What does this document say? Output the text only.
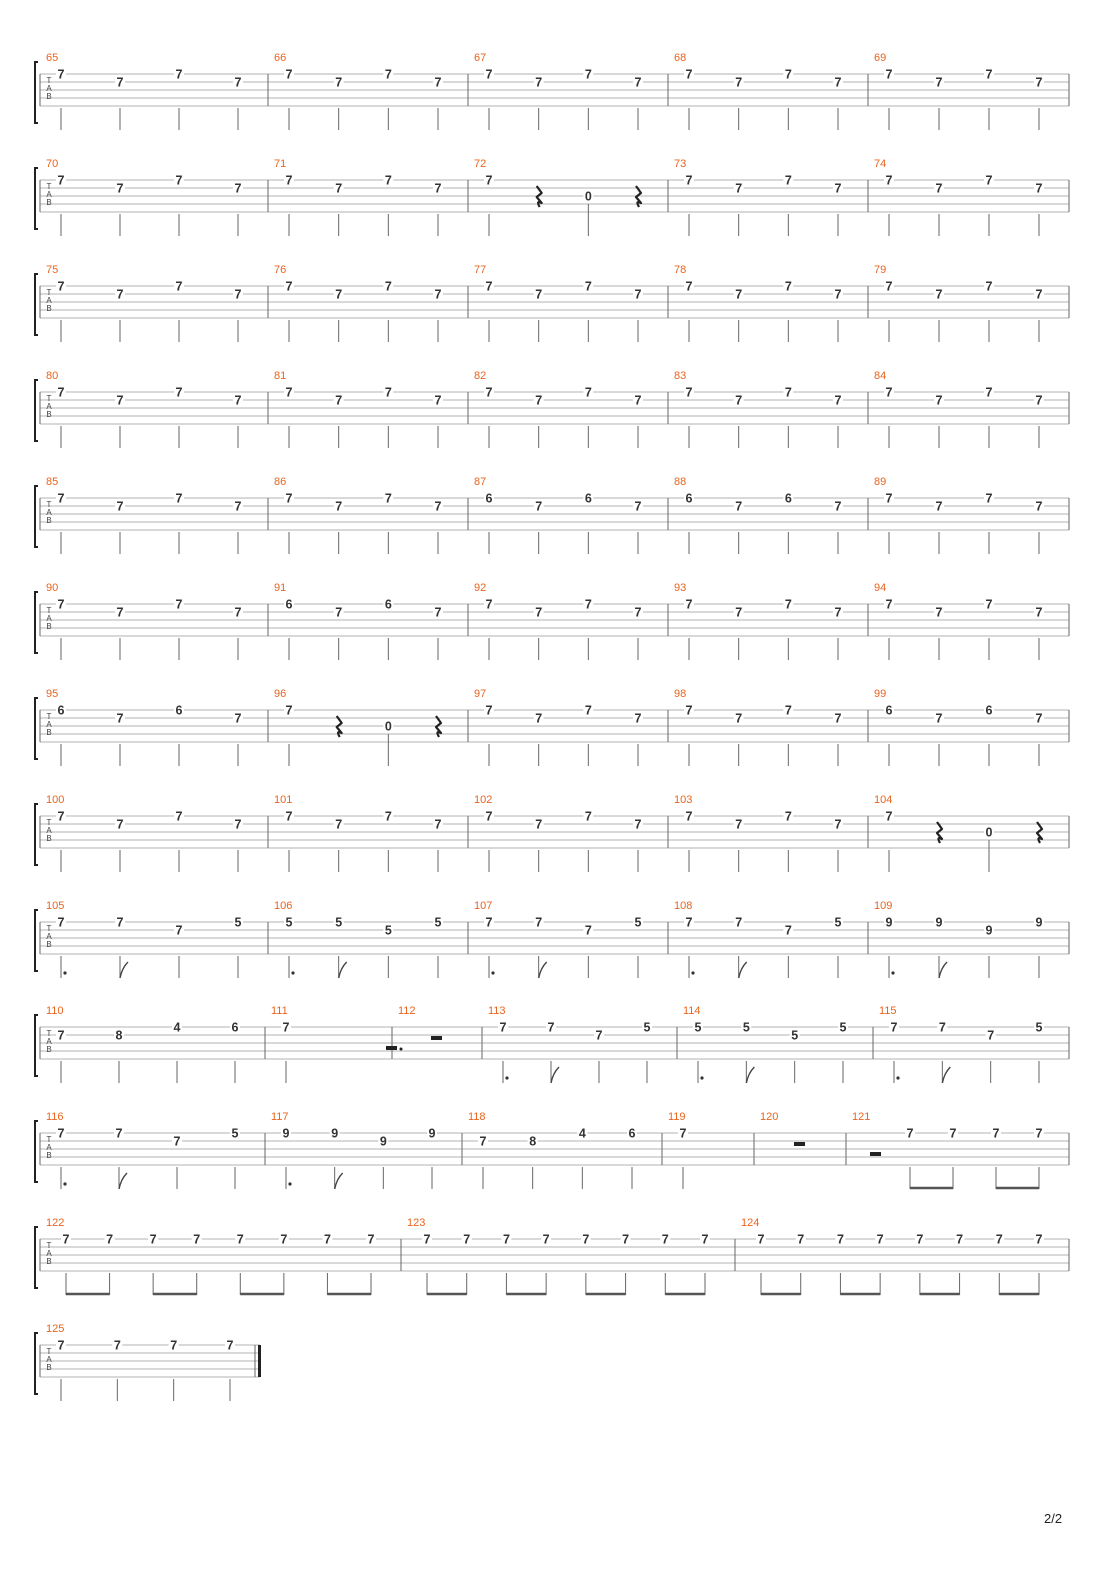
T
A
B
65
7
7
7
7
66
7
7
7
7
67
7
7
7
7
68
7
7
7
7
69
7
7
7
7
T
A
B
70
7
7
7
7
71
7
7
7
7
72
7
0
73
7
7
7
7
74
7
7
7
7
T
A
B
75
7
7
7
7
76
7
7
7
7
77
7
7
7
7
78
7
7
7
7
79
7
7
7
7
T
A
B
80
7
7
7
7
81
7
7
7
7
82
7
7
7
7
83
7
7
7
7
84
7
7
7
7
T
A
B
85
7
7
7
7
86
7
7
7
7
87
6
7
6
7
88
6
7
6
7
89
7
7
7
7
T
A
B
90
7
7
7
7
91
6
7
6
7
92
7
7
7
7
93
7
7
7
7
94
7
7
7
7
T
A
B
95
6
7
6
7
96
7
0
97
7
7
7
7
98
7
7
7
7
99
6
7
6
7
T
A
B
100
7
7
7
7
101
7
7
7
7
102
7
7
7
7
103
7
7
7
7
104
7
0
T
A
B
105
7	7
7
5
106
5	5
5
5
107
7	7
7
5
108
7	7
7
5
109
9	9
9
9
T
A
B
110
7	8
4	6
111
7
112	113
7	7
7
5
114
5	5
5
5
115
7	7
7
5
T
A
B
116
7	7
7
5
117
9	9
9
9
118
7	8
4	6
119
7
120	121
7	7	7	7
T
A
B
122
7	7	7	7	7	7	7	7
123
7	7	7	7	7	7	7	7
124
7	7	7	7	7	7	7	7
T
A
B
125
7	7	7	7
2/2
